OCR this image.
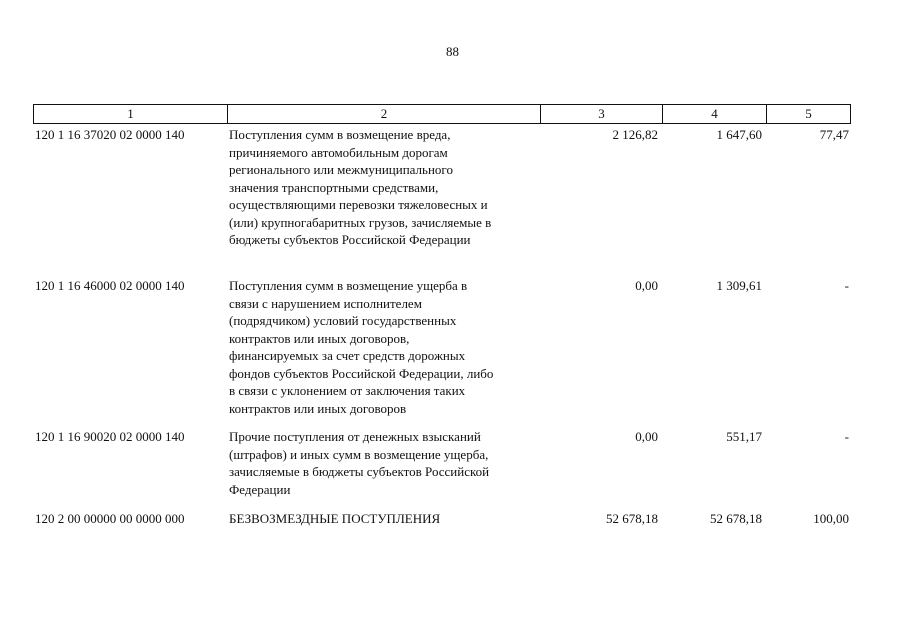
88
1	2	3	4	5
120 1 16 37020 02 0000 140	Поступления сумм в возмещение вреда,
причиняемого автомобильным дорогам
регионального или межмуниципального
значения транспортными средствами,
осуществляющими перевозки тяжеловесных и
(или) крупногабаритных грузов, зачисляемые в
бюджеты субъектов Российской Федерации
2 126,82	1 647,60	77,47
120 1 16 46000 02 0000 140	Поступления сумм в возмещение ущерба в
связи с нарушением исполнителем
(подрядчиком) условий государственных
контрактов или иных договоров,
финансируемых за счет средств дорожных
фондов субъектов Российской Федерации, либо
в связи с уклонением от заключения таких
контрактов или иных договоров
0,00	1 309,61	-
120 1 16 90020 02 0000 140	Прочие поступления от денежных взысканий
(штрафов) и иных сумм в возмещение ущерба,
зачисляемые в бюджеты субъектов Российской
Федерации
0,00	551,17	-
120 2 00 00000 00 0000 000	БЕЗВОЗМЕЗДНЫЕ ПОСТУПЛЕНИЯ	52 678,18	52 678,18	100,00
